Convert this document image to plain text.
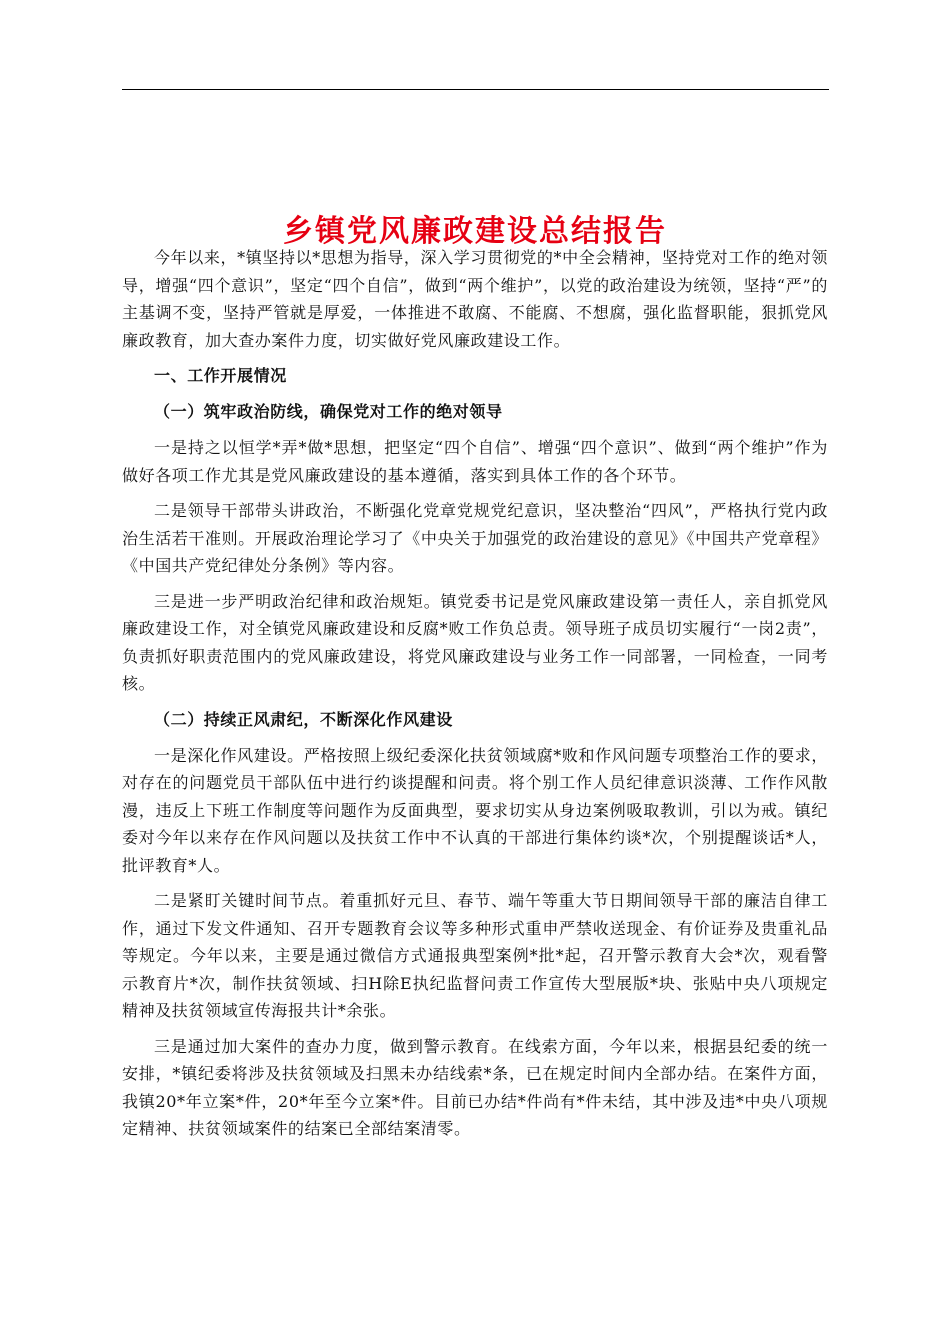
乡镇党风廉政建设总结报告

今年以来，*镇坚持以*思想为指导，深入学习贯彻党的*中全会精神，坚持党对工作的绝对领导，增强“四个意识”，坚定“四个自信”，做到“两个维护”，以党的政治建设为统领，坚持“严”的主基调不变，坚持严管就是厚爱，一体推进不敢腐、不能腐、不想腐，强化监督职能，狠抓党风廉政教育，加大查办案件力度，切实做好党风廉政建设工作。

一、工作开展情况

（一）筑牢政治防线，确保党对工作的绝对领导

一是持之以恒学*弄*做*思想，把坚定“四个自信”、增强“四个意识”、做到“两个维护”作为做好各项工作尤其是党风廉政建设的基本遵循，落实到具体工作的各个环节。

二是领导干部带头讲政治，不断强化党章党规党纪意识，坚决整治“四风”，严格执行党内政治生活若干准则。开展政治理论学习了《中央关于加强党的政治建设的意见》《中国共产党章程》《中国共产党纪律处分条例》等内容。

三是进一步严明政治纪律和政治规矩。镇党委书记是党风廉政建设第一责任人，亲自抓党风廉政建设工作，对全镇党风廉政建设和反腐*败工作负总责。领导班子成员切实履行“一岗2责”，负责抓好职责范围内的党风廉政建设，将党风廉政建设与业务工作一同部署，一同检查，一同考核。

（二）持续正风肃纪，不断深化作风建设

一是深化作风建设。严格按照上级纪委深化扶贫领域腐*败和作风问题专项整治工作的要求，对存在的问题党员干部队伍中进行约谈提醒和问责。将个别工作人员纪律意识淡薄、工作作风散漫，违反上下班工作制度等问题作为反面典型，要求切实从身边案例吸取教训，引以为戒。镇纪委对今年以来存在作风问题以及扶贫工作中不认真的干部进行集体约谈*次，个别提醒谈话*人，批评教育*人。

二是紧盯关键时间节点。着重抓好元旦、春节、端午等重大节日期间领导干部的廉洁自律工作，通过下发文件通知、召开专题教育会议等多种形式重申严禁收送现金、有价证券及贵重礼品等规定。今年以来，主要是通过微信方式通报典型案例*批*起，召开警示教育大会*次，观看警示教育片*次，制作扶贫领域、扫H除E执纪监督问责工作宣传大型展版*块、张贴中央八项规定精神及扶贫领域宣传海报共计*余张。

三是通过加大案件的查办力度，做到警示教育。在线索方面，今年以来，根据县纪委的统一安排，*镇纪委将涉及扶贫领域及扫黑未办结线索*条，已在规定时间内全部办结。在案件方面，我镇20*年立案*件，20*年至今立案*件。目前已办结*件尚有*件未结，其中涉及违*中央八项规定精神、扶贫领域案件的结案已全部结案清零。
